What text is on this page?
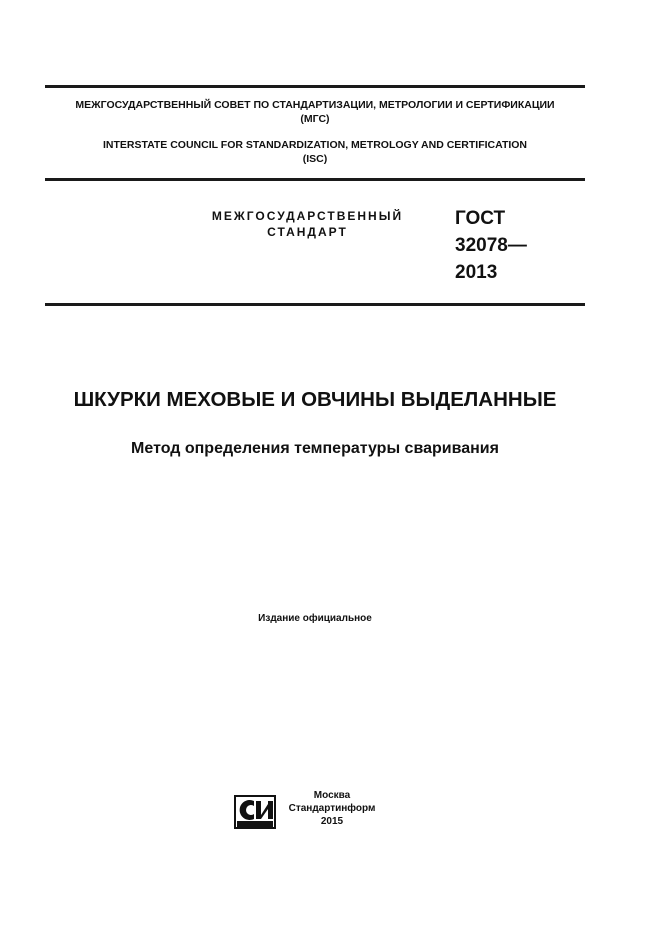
МЕЖГОСУДАРСТВЕННЫЙ СОВЕТ ПО СТАНДАРТИЗАЦИИ, МЕТРОЛОГИИ И СЕРТИФИКАЦИИ
(МГС)
INTERSTATE COUNCIL FOR STANDARDIZATION, METROLOGY AND CERTIFICATION
(ISC)
МЕЖГОСУДАРСТВЕННЫЙ
СТАНДАРТ
ГОСТ
32078—
2013
ШКУРКИ МЕХОВЫЕ И ОВЧИНЫ ВЫДЕЛАННЫЕ
Метод определения температуры сваривания
Издание официальное
Москва
Стандартинформ
2015
